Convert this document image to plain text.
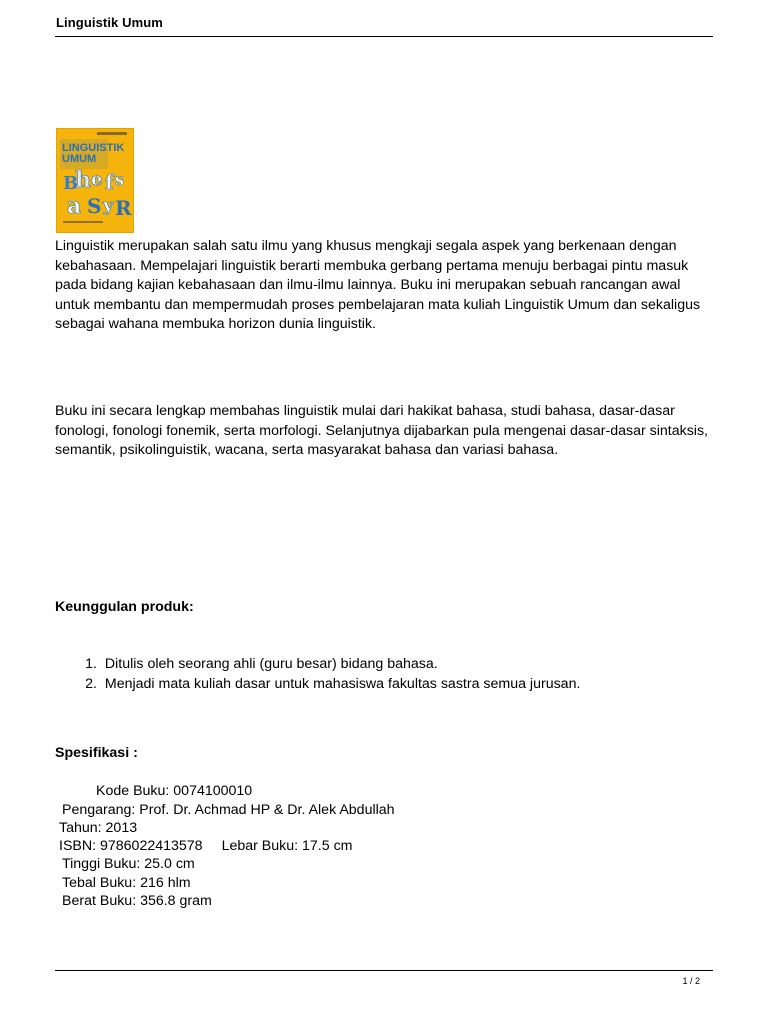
Linguistik Umum
LINGUISTIK
UMUM
B
h e f s
a S y R

Linguistik merupakan salah satu ilmu yang khusus mengkaji segala aspek yang berkenaan dengan kebahasaan. Mempelajari linguistik berarti membuka gerbang pertama menuju berbagai pintu masuk pada bidang kajian kebahasaan dan ilmu-ilmu lainnya. Buku ini merupakan sebuah rancangan awal untuk membantu dan mempermudah proses pembelajaran mata kuliah Linguistik Umum dan sekaligus sebagai wahana membuka horizon dunia linguistik.

Buku ini secara lengkap membahas linguistik mulai dari hakikat bahasa, studi bahasa, dasar-dasar fonologi, fonologi fonemik, serta morfologi. Selanjutnya dijabarkan pula mengenai dasar-dasar sintaksis, semantik, psikolinguistik, wacana, serta masyarakat bahasa dan variasi bahasa.

Keunggulan produk:

1.
Ditulis oleh seorang ahli (guru besar) bidang bahasa.
2.
Menjadi mata kuliah dasar untuk mahasiswa fakultas sastra semua jurusan.

Spesifikasi :

Kode Buku: 0074100010
Pengarang: Prof. Dr. Achmad HP & Dr. Alek Abdullah
Tahun: 2013
ISBN: 9786022413578 Lebar Buku: 17.5 cm
Tinggi Buku: 25.0 cm
Tebal Buku: 216 hlm
Berat Buku: 356.8 gram
1 / 2
